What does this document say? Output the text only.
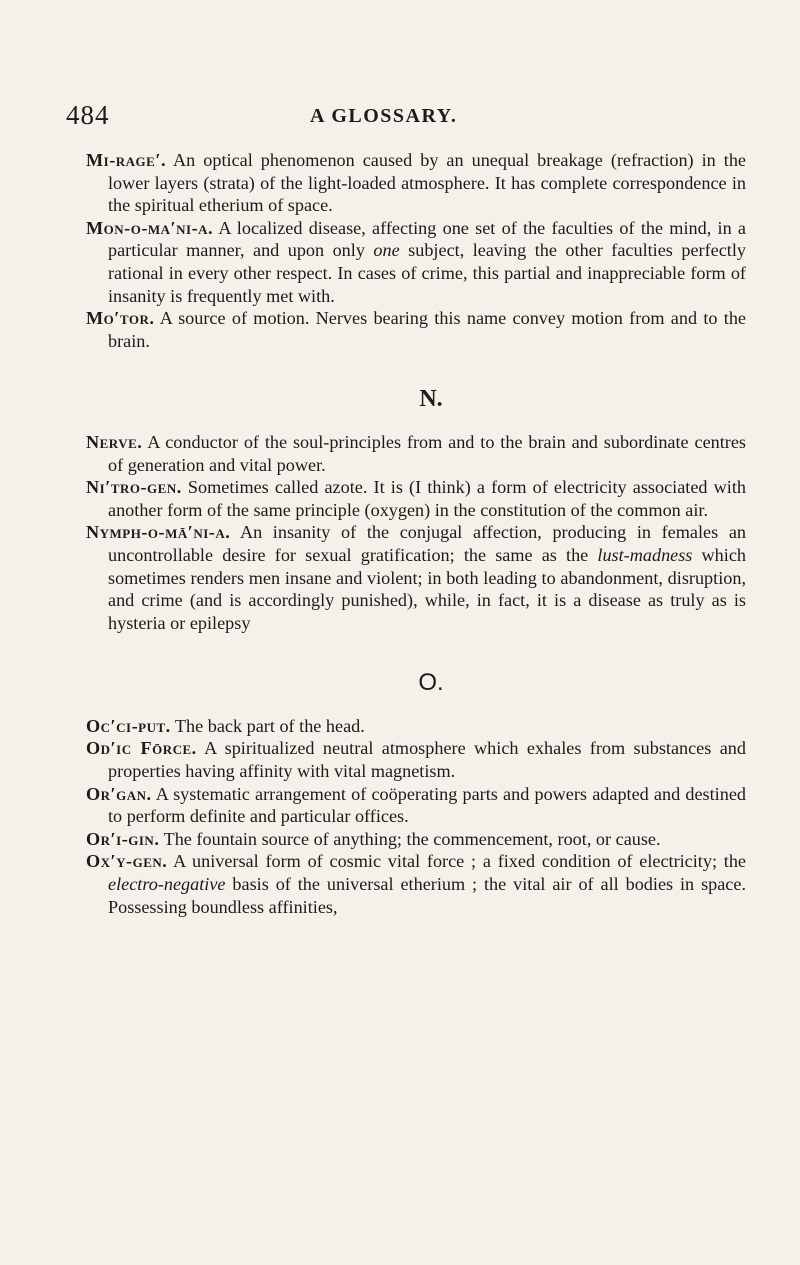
484	A GLOSSARY.

Mi-rage′. An optical phenomenon caused by an unequal breakage (refraction) in the lower layers (strata) of the light-loaded atmosphere. It has complete correspondence in the spiritual etherium of space.

Mon-o-ma′ni-a. A localized disease, affecting one set of the faculties of the mind, in a particular manner, and upon only one subject, leaving the other faculties perfectly rational in every other respect. In cases of crime, this partial and inappreciable form of insanity is frequently met with.

Mo′tor. A source of motion. Nerves bearing this name convey motion from and to the brain.

N.

Nerve. A conductor of the soul-principles from and to the brain and subordinate centres of generation and vital power.

Ni′tro-gen. Sometimes called azote. It is (I think) a form of electricity associated with another form of the same principle (oxygen) in the constitution of the common air.

Nymph-o-mā′ni-a. An insanity of the conjugal affection, producing in females an uncontrollable desire for sexual gratification; the same as the lust-madness which sometimes renders men insane and violent; in both leading to abandonment, disruption, and crime (and is accordingly punished), while, in fact, it is a disease as truly as is hysteria or epilepsy

O.

Oc′ci-put. The back part of the head.

Od′ic Fōrce. A spiritualized neutral atmosphere which exhales from substances and properties having affinity with vital magnetism.

Or′gan. A systematic arrangement of coöperating parts and powers adapted and destined to perform definite and particular offices.

Or′i-gin. The fountain source of anything; the commencement, root, or cause.

Ox′y-gen. A universal form of cosmic vital force ; a fixed condition of electricity; the electro-negative basis of the universal etherium ; the vital air of all bodies in space. Possessing boundless affinities,
